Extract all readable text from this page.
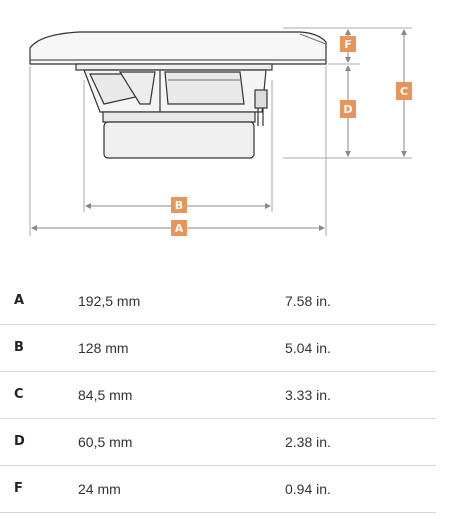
F
D
C
B
A
A	192,5 mm	7.58 in.
B	128 mm	5.04 in.
C	84,5 mm	3.33 in.
D	60,5 mm	2.38 in.
F	24 mm	0.94 in.
